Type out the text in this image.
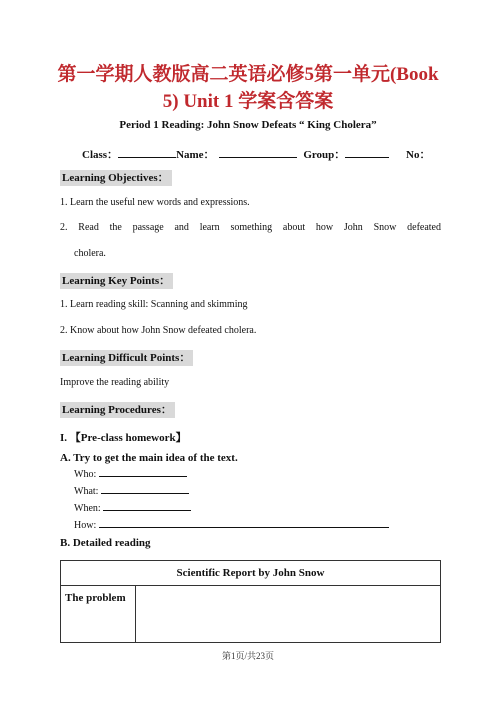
第一学期人教版高二英语必修5第一单元(Book
5) Unit 1 学案含答案
Period 1 Reading: John Snow Defeats “ King Cholera”
Class：	Name：	Group：	No：
Learning Objectives：
1. Learn the useful new words and expressions.
2. Read the passage and learn something about how John Snow defeated
cholera.
Learning Key Points：
1. Learn reading skill: Scanning and skimming
2. Know about how John Snow defeated cholera.
Learning Difficult Points：
Improve the reading ability
Learning Procedures：
I. 【Pre-class homework】
A. Try to get the main idea of the text.
Who:
What:
When:
How:
B. Detailed reading
Scientific Report by John Snow
The problem	
第1页/共23页
